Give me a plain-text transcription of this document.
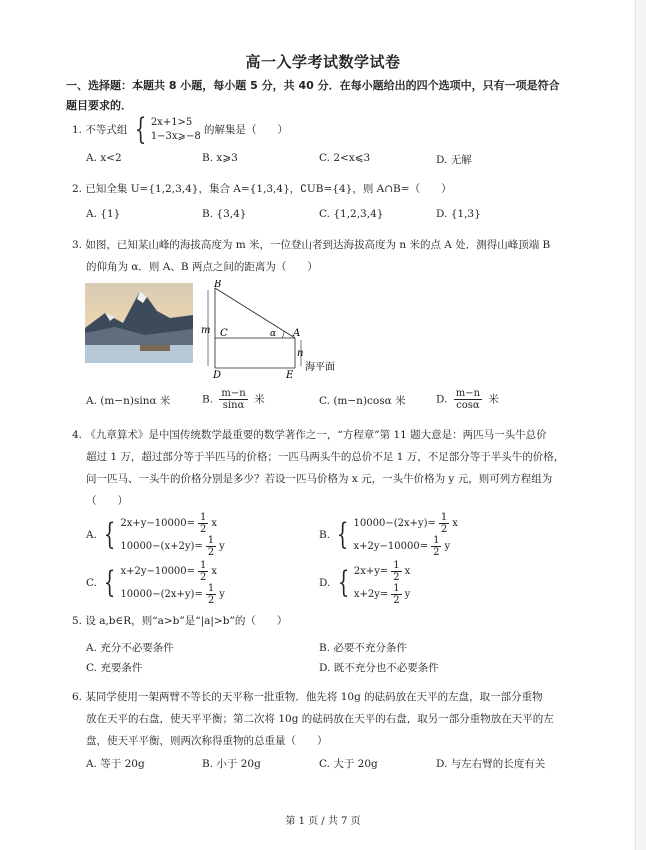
高一入学考试数学试卷
一、选择题：本题共 8 小题，每小题 5 分，共 40 分．在每小题给出的四个选项中，只有一项是符合
题目要求的．
1. 不等式组 { 2x+1>5
1−3x⩾−8
的解集是（　　）
A. x<2	B. x⩾3	C. 2<x⩽3	D. 无解
2. 已知全集 U={1,2,3,4}，集合 A={1,3,4}，∁UB={4}，则 A∩B=（　　）
A. {1}	B. {3,4}	C. {1,2,3,4}	D. {1,3}
3. 如图，已知某山峰的海拔高度为 m 米，一位登山者到达海拔高度为 n 米的点 A 处．测得山峰顶端 B
的仰角为 α．则 A、B 两点之间的距离为（　　）
B
C	A
D	E
m
n
α
海平面
A. (m−n)sinα 米	B. $\frac{m-n}{\sin\alpha}$ 米	C. (m−n)cosα 米	D. $\frac{m-n}{\cos\alpha}$ 米
4. 《九章算术》是中国传统数学最重要的数学著作之一，“方程章”第 11 题大意是：两匹马一头牛总价
超过 1 万，超过部分等于半匹马的价格；一匹马两头牛的总价不足 1 万，不足部分等于半头牛的价格，
问一匹马、一头牛的价格分别是多少？若设一匹马价格为 x 元，一头牛价格为 y 元，则可列方程组为
（　　）
A. { $2x+y-10000= \frac{1}{2}$ x
$10000-(x+2y)= \frac{1}{2}$ y
B. { $10000-(2x+y)= \frac{1}{2}$ x
$x+2y-10000= \frac{1}{2}$ y
C. { $x+2y-10000= \frac{1}{2}$ x
$10000-(2x+y)= \frac{1}{2}$ y
D. { $2x+y= \frac{1}{2}$ x
$x+2y= \frac{1}{2}$ y
5. 设 a,b∈R，则“a>b”是“|a|>b”的（　　）
A. 充分不必要条件	B. 必要不充分条件
C. 充要条件	D. 既不充分也不必要条件
6. 某同学使用一架两臂不等长的天平称一批重物．他先将 10g 的砝码放在天平的左盘，取一部分重物
放在天平的右盘，使天平平衡；第二次将 10g 的砝码放在天平的右盘，取另一部分重物放在天平的左
盘，使天平平衡，则两次称得重物的总重量（　　）
A. 等于 20g	B. 小于 20g	C. 大于 20g	D. 与左右臂的长度有关
第 1 页 / 共 7 页
